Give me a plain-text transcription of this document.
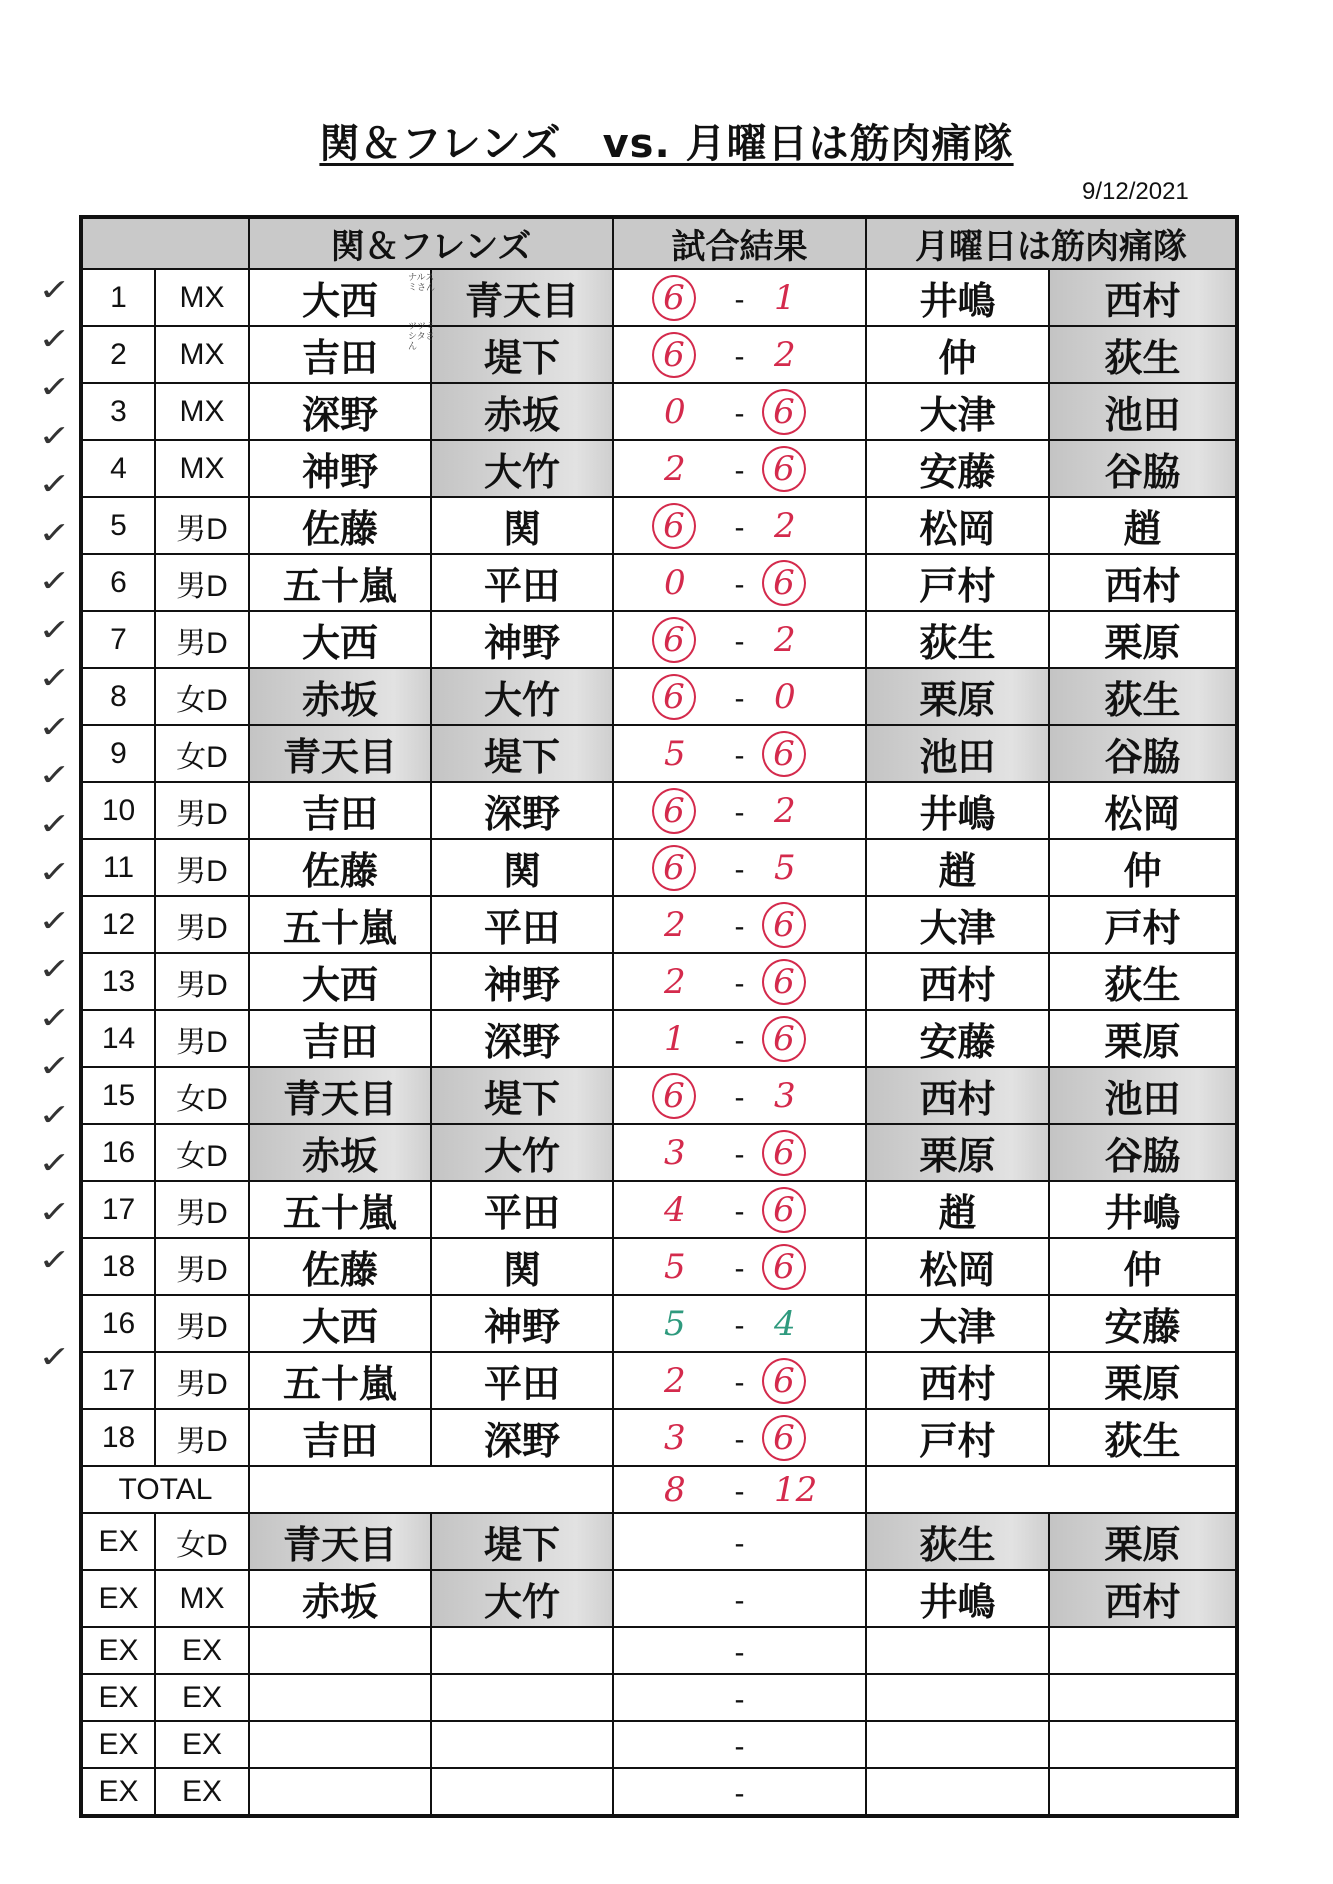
関＆フレンズ　vs. 月曜日は筋肉痛隊
9/12/2021
		関＆フレンズ		試合結果	月曜日は筋肉痛隊	
1	MX	大西	青天目	6 - 1	井嶋	西村
2	MX	吉田	堤下	6 - 2	仲	荻生
3	MX	深野	赤坂	0 - 6	大津	池田
4	MX	神野	大竹	2 - 6	安藤	谷脇
5	男D	佐藤	関	6 - 2	松岡	趙
6	男D	五十嵐	平田	0 - 6	戸村	西村
7	男D	大西	神野	6 - 2	荻生	栗原
8	女D	赤坂	大竹	6 - 0	栗原	荻生
9	女D	青天目	堤下	5 - 6	池田	谷脇
10	男D	吉田	深野	6 - 2	井嶋	松岡
11	男D	佐藤	関	6 - 5	趙	仲
12	男D	五十嵐	平田	2 - 6	大津	戸村
13	男D	大西	神野	2 - 6	西村	荻生
14	男D	吉田	深野	1 - 6	安藤	栗原
15	女D	青天目	堤下	6 - 3	西村	池田
16	女D	赤坂	大竹	3 - 6	栗原	谷脇
17	男D	五十嵐	平田	4 - 6	趙	井嶋
18	男D	佐藤	関	5 - 6	松岡	仲
16	男D	大西	神野	5 - 4	大津	安藤
17	男D	五十嵐	平田	2 - 6	西村	栗原
18	男D	吉田	深野	3 - 6	戸村	荻生
TOTAL				8 - 12		

EX	女D	青天目	堤下	-	荻生	栗原
EX	MX	赤坂	大竹	-	井嶋	西村
EX	EX			-		
EX	EX			-		
EX	EX			-		
EX	EX			-		
✓
✓
✓
✓
✓
✓
✓
✓
✓
✓
✓
✓
✓
✓
✓
✓
✓
✓
✓
✓
✓
✓
ナルスミさん
ツツミシタさん
